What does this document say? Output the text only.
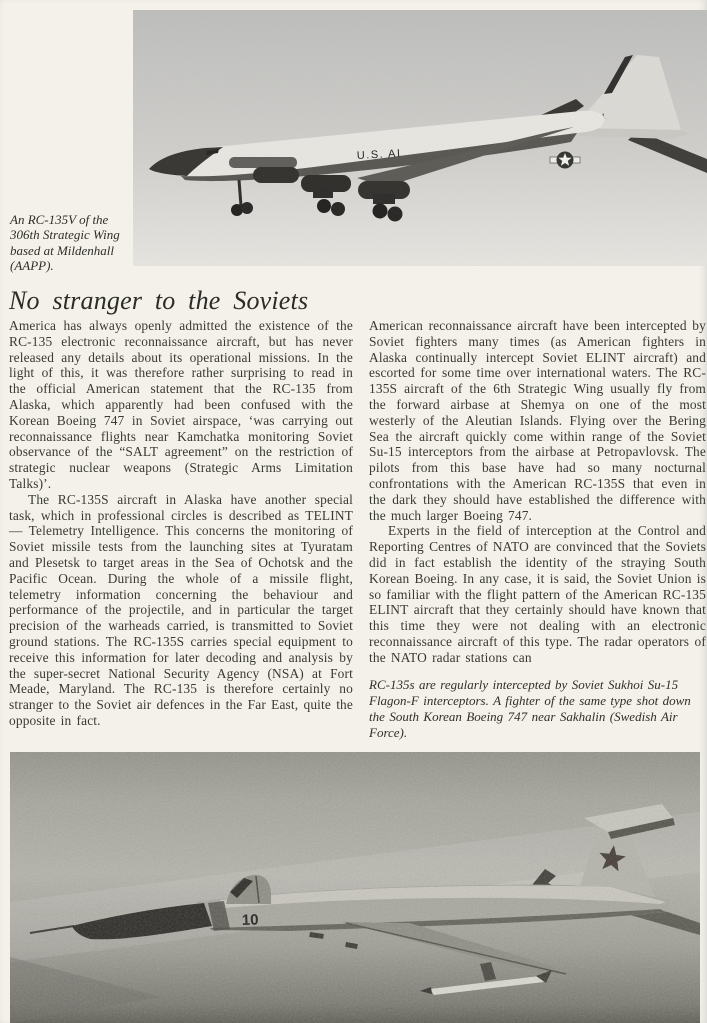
An RC-135V of the 306th Strategic Wing based at Mildenhall (AAPP).
No stranger to the Soviets

America has always openly admitted the existence of the RC-135 electronic reconnaissance aircraft, but has never released any details about its operational missions. In the light of this, it was therefore rather surprising to read in the official American statement that the RC-135 from Alaska, which apparently had been confused with the Korean Boeing 747 in Soviet airspace, ‘was carrying out reconnaissance flights near Kamchatka monitoring Soviet observance of the “SALT agreement” on the restriction of strategic nuclear weapons (Strategic Arms Limitation Talks)’.

The RC-135S aircraft in Alaska have another special task, which in professional circles is described as TELINT — Telemetry Intelligence. This concerns the monitoring of Soviet missile tests from the launching sites at Tyuratam and Plesetsk to target areas in the Sea of Ochotsk and the Pacific Ocean. During the whole of a missile flight, telemetry information concerning the behaviour and performance of the projectile, and in particular the target precision of the warheads carried, is transmitted to Soviet ground stations. The RC-135S carries special equipment to receive this information for later decoding and analysis by the super-secret National Security Agency (NSA) at Fort Meade, Maryland. The RC-135 is therefore certainly no stranger to the Soviet air defences in the Far East, quite the opposite in fact.

American reconnaissance aircraft have been intercepted by Soviet fighters many times (as American fighters in Alaska continually intercept Soviet ELINT aircraft) and escorted for some time over international waters. The RC-135S aircraft of the 6th Strategic Wing usually fly from the forward airbase at Shemya on one of the most westerly of the Aleutian Islands. Flying over the Bering Sea the aircraft quickly come within range of the Soviet Su-15 interceptors from the airbase at Petropavlovsk. The pilots from this base have had so many nocturnal confrontations with the American RC-135S that even in the dark they should have established the difference with the much larger Boeing 747.

Experts in the field of interception at the Control and Reporting Centres of NATO are convinced that the Soviets did in fact establish the identity of the straying South Korean Boeing. In any case, it is said, the Soviet Union is so familiar with the flight pattern of the American RC-135 ELINT aircraft that they certainly should have known that this time they were not dealing with an electronic reconnaissance aircraft of this type. The radar operators of the NATO radar stations can

RC-135s are regularly intercepted by Soviet Sukhoi Su-15 Flagon-F interceptors. A fighter of the same type shot down the South Korean Boeing 747 near Sakhalin (Swedish Air Force).
